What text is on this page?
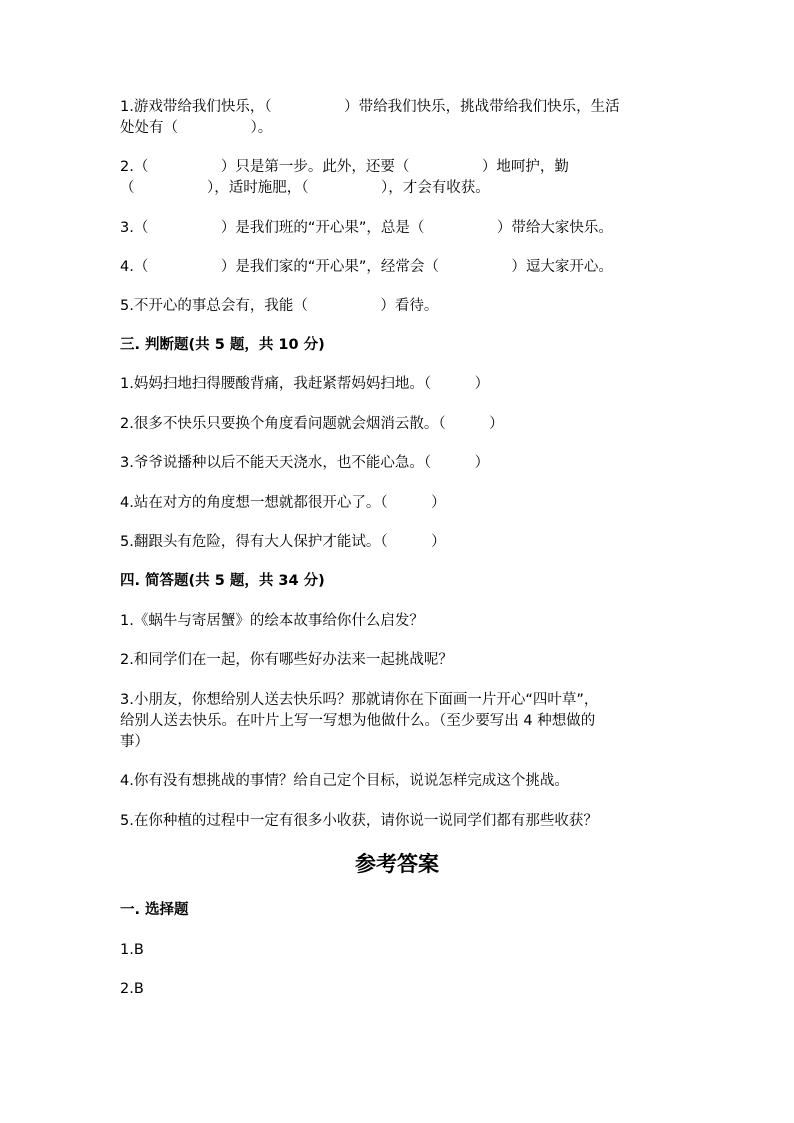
1.游戏带给我们快乐，（　　　　　）带给我们快乐，挑战带给我们快乐，生活
处处有（　　　　　）。
2.（　　　　　）只是第一步。此外，还要（　　　　　）地呵护，勤
（　　　　　），适时施肥，（　　　　　），才会有收获。
3.（　　　　　）是我们班的“开心果”，总是（　　　　　）带给大家快乐。
4.（　　　　　）是我们家的“开心果”，经常会（　　　　　）逗大家开心。
5.不开心的事总会有，我能（　　　　　）看待。
三. 判断题(共 5 题，共 10 分)
1.妈妈扫地扫得腰酸背痛，我赶紧帮妈妈扫地。（　　　）
2.很多不快乐只要换个角度看问题就会烟消云散。（　　　）
3.爷爷说播种以后不能天天浇水，也不能心急。（　　　）
4.站在对方的角度想一想就都很开心了。（　　　）
5.翻跟头有危险，得有大人保护才能试。（　　　）
四. 简答题(共 5 题，共 34 分)
1.《蜗牛与寄居蟹》的绘本故事给你什么启发？
2.和同学们在一起，你有哪些好办法来一起挑战呢？
3.小朋友，你想给别人送去快乐吗？那就请你在下面画一片开心“四叶草”，
给别人送去快乐。在叶片上写一写想为他做什么。（至少要写出 4 种想做的
事）
4.你有没有想挑战的事情？给自己定个目标，说说怎样完成这个挑战。
5.在你种植的过程中一定有很多小收获，请你说一说同学们都有那些收获？
参考答案
一. 选择题
1.B
2.B
